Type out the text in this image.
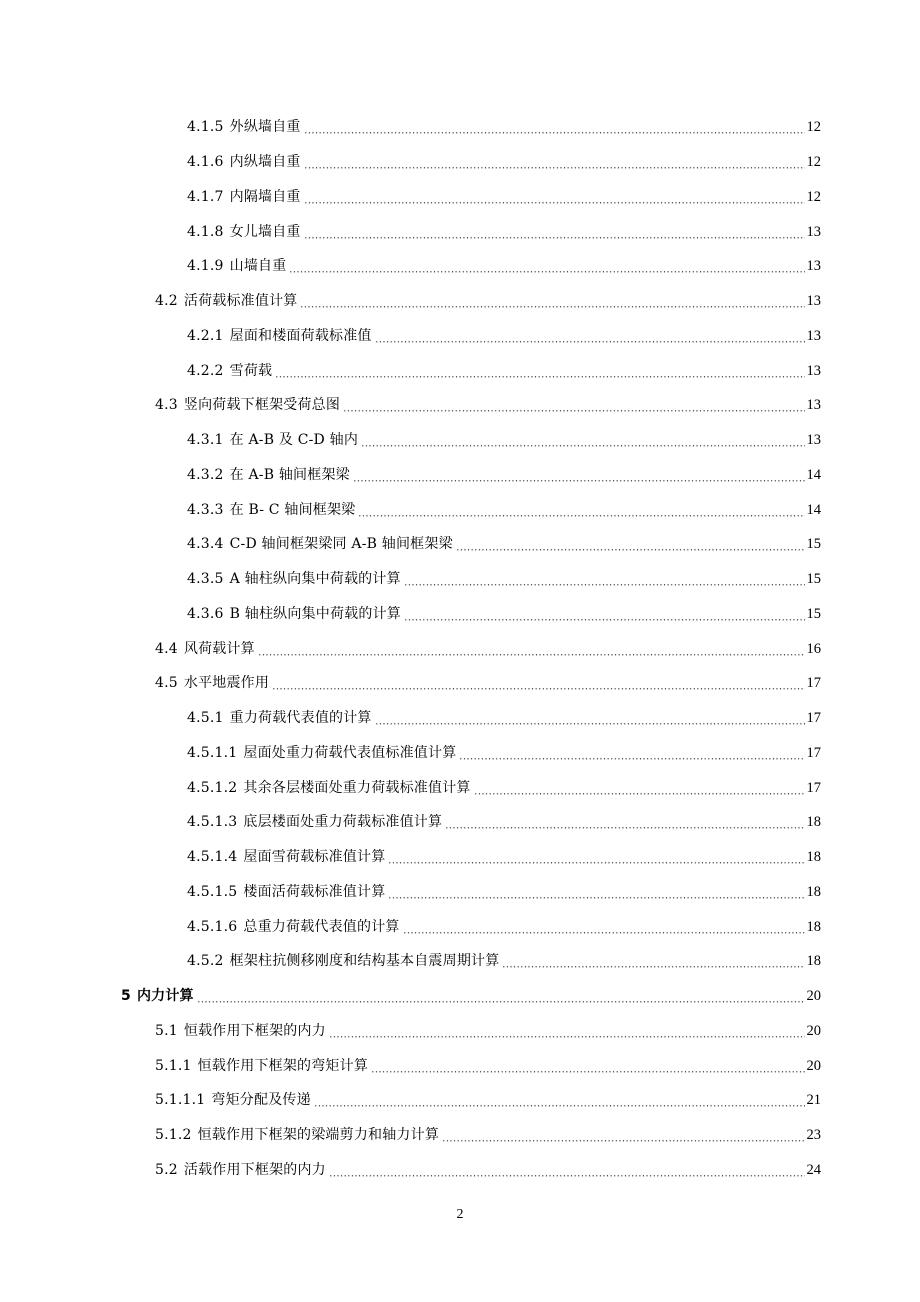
4.1.5 外纵墙自重	12
4.1.6 内纵墙自重	12
4.1.7 内隔墙自重	12
4.1.8 女儿墙自重	13
4.1.9 山墙自重	13
4.2 活荷载标准值计算	13
4.2.1 屋面和楼面荷载标准值	13
4.2.2 雪荷载	13
4.3 竖向荷载下框架受荷总图	13
4.3.1 在 A-B 及 C-D 轴内	13
4.3.2 在 A-B 轴间框架梁	14
4.3.3 在 B- C 轴间框架梁	14
4.3.4 C-D 轴间框架梁同 A-B 轴间框架梁	15
4.3.5 A 轴柱纵向集中荷载的计算	15
4.3.6 B 轴柱纵向集中荷载的计算	15
4.4 风荷载计算	16
4.5 水平地震作用	17
4.5.1 重力荷载代表值的计算	17
4.5.1.1 屋面处重力荷载代表值标准值计算	17
4.5.1.2 其余各层楼面处重力荷载标准值计算	17
4.5.1.3 底层楼面处重力荷载标准值计算	18
4.5.1.4 屋面雪荷载标准值计算	18
4.5.1.5 楼面活荷载标准值计算	18
4.5.1.6 总重力荷载代表值的计算	18
4.5.2 框架柱抗侧移刚度和结构基本自震周期计算	18
5 内力计算	20
5.1 恒载作用下框架的内力	20
5.1.1 恒载作用下框架的弯矩计算	20
5.1.1.1 弯矩分配及传递	21
5.1.2 恒载作用下框架的梁端剪力和轴力计算	23
5.2 活载作用下框架的内力	24
2
